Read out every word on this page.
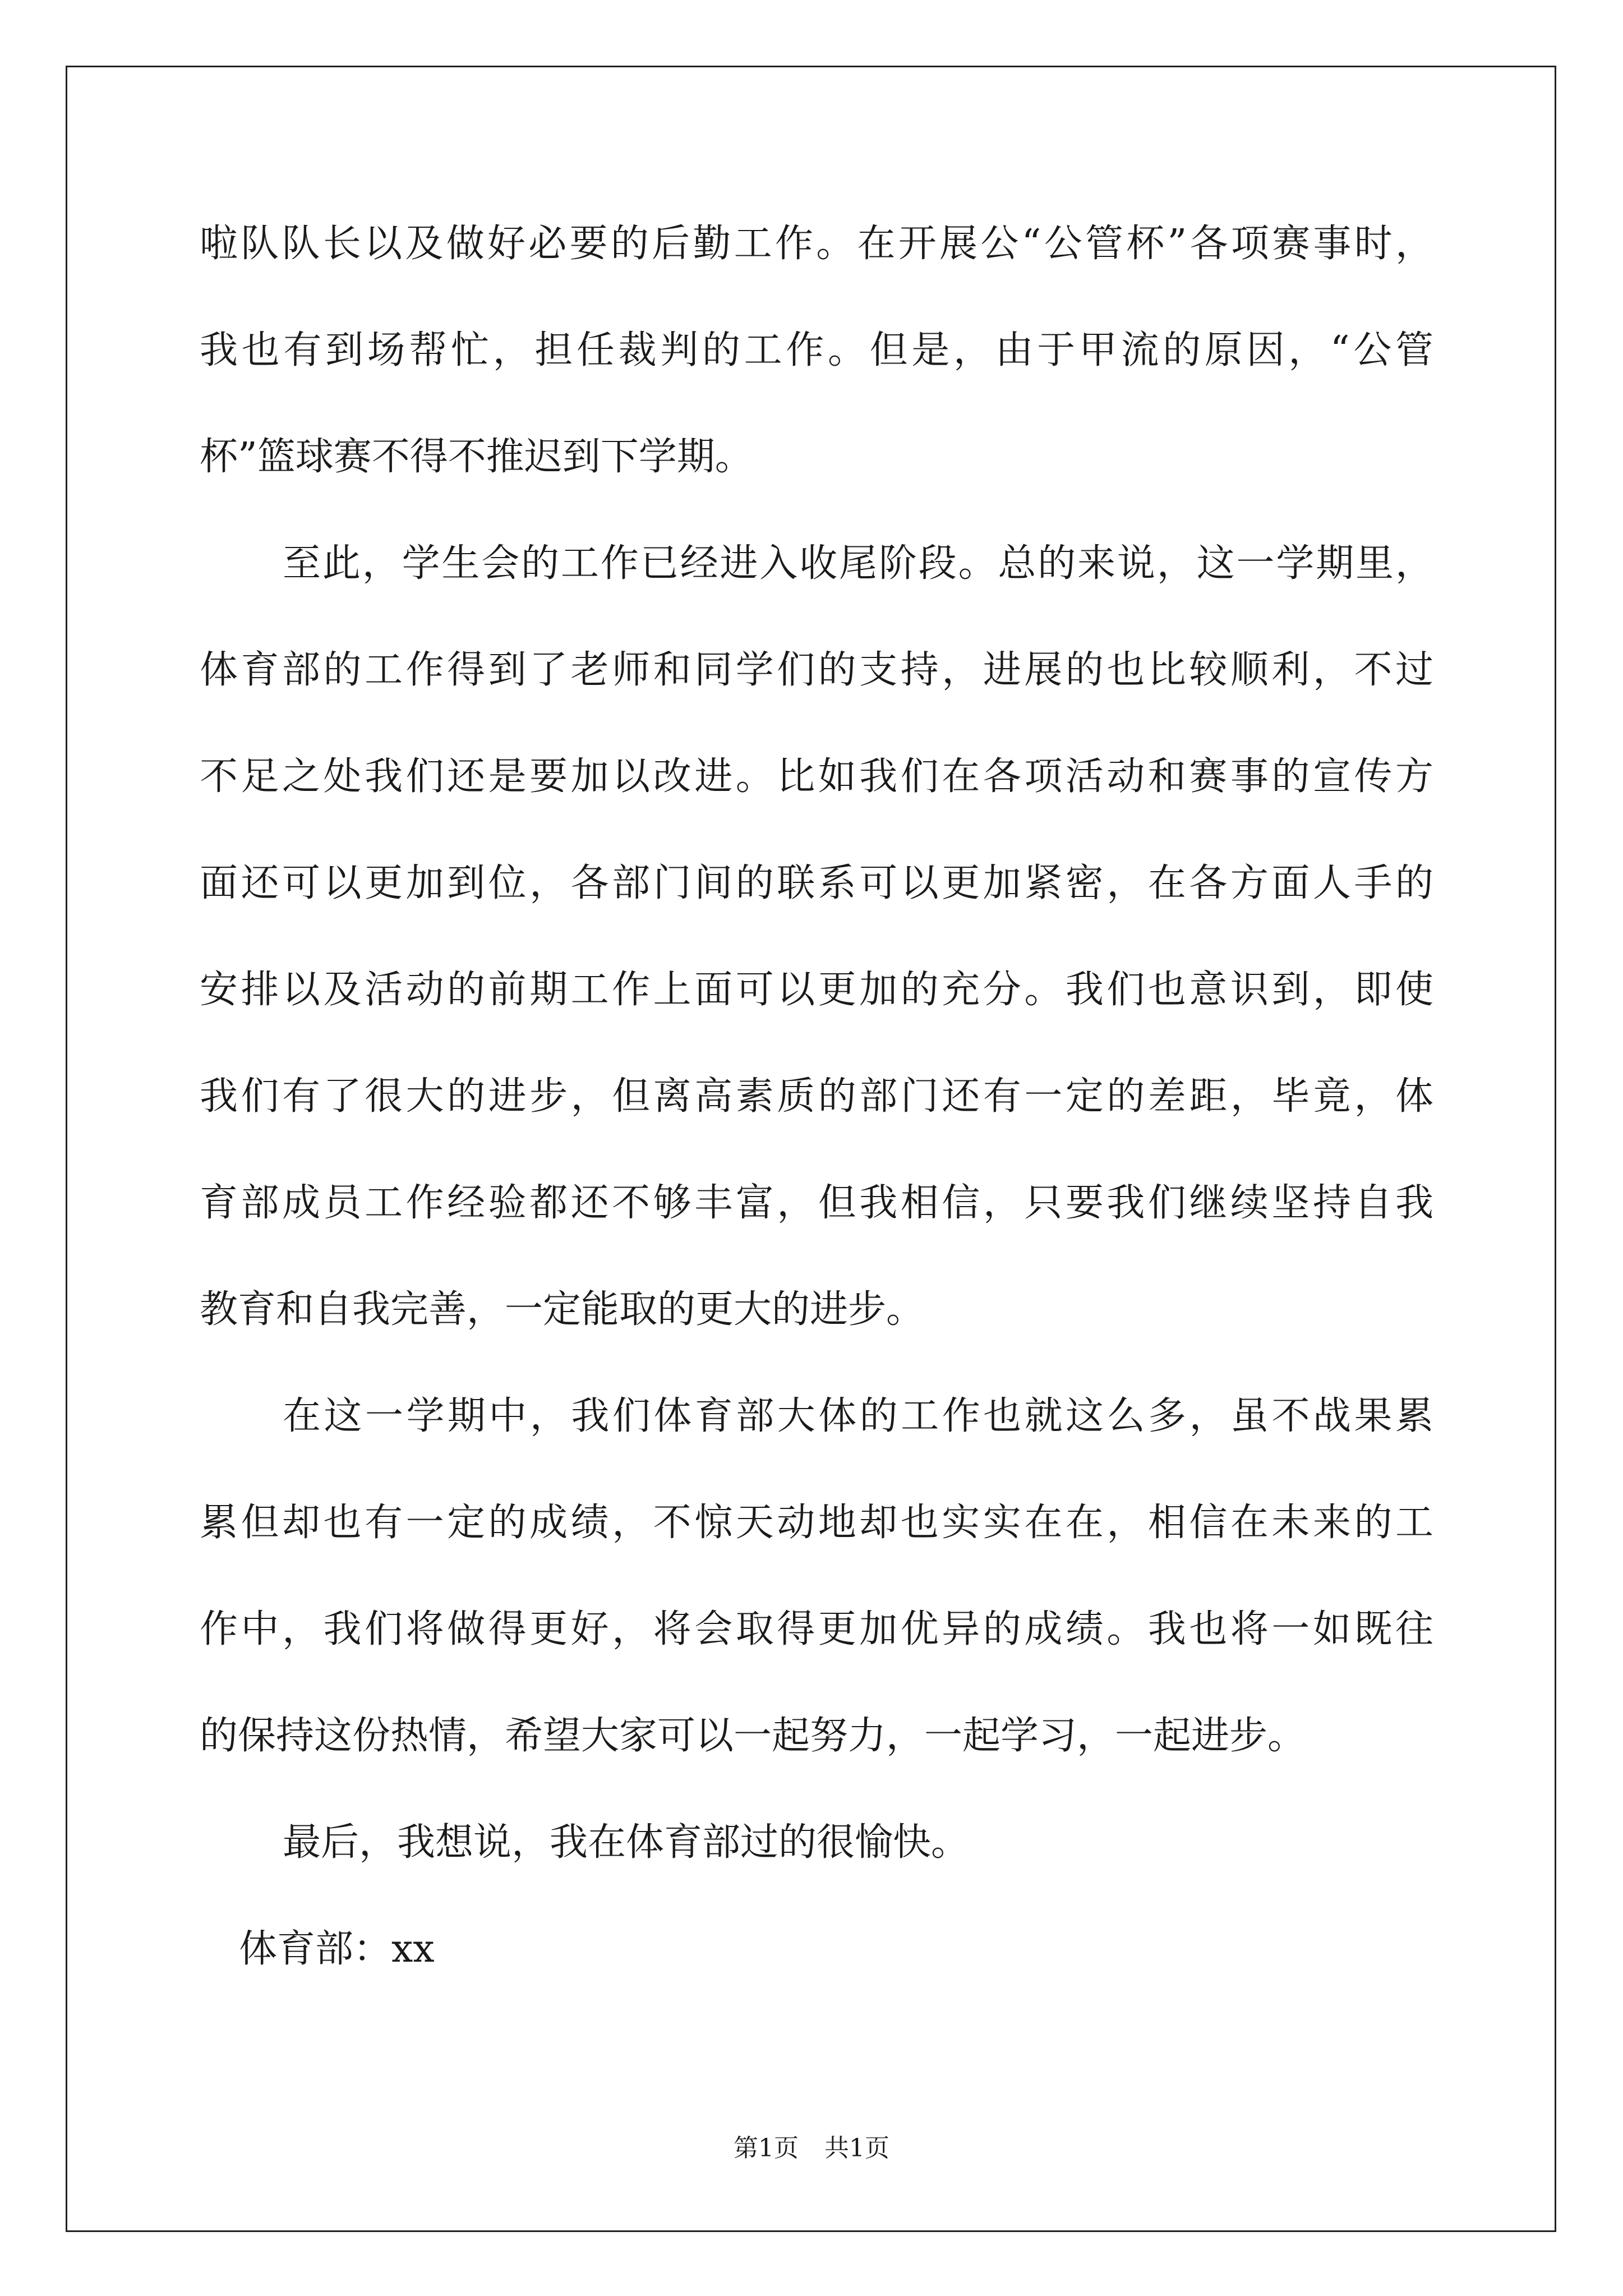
啦队队长以及做好必要的后勤工作。在开展公“公管杯”各项赛事时，
我也有到场帮忙，担任裁判的工作。但是，由于甲流的原因，“公管
杯”篮球赛不得不推迟到下学期。
至此，学生会的工作已经进入收尾阶段。总的来说，这一学期里，
体育部的工作得到了老师和同学们的支持，进展的也比较顺利，不过
不足之处我们还是要加以改进。比如我们在各项活动和赛事的宣传方
面还可以更加到位，各部门间的联系可以更加紧密，在各方面人手的
安排以及活动的前期工作上面可以更加的充分。我们也意识到，即使
我们有了很大的进步，但离高素质的部门还有一定的差距，毕竟，体
育部成员工作经验都还不够丰富，但我相信，只要我们继续坚持自我
教育和自我完善，一定能取的更大的进步。
在这一学期中，我们体育部大体的工作也就这么多，虽不战果累
累但却也有一定的成绩，不惊天动地却也实实在在，相信在未来的工
作中，我们将做得更好，将会取得更加优异的成绩。我也将一如既往
的保持这份热情，希望大家可以一起努力，一起学习，一起进步。
最后，我想说，我在体育部过的很愉快。
体育部：xx
第1页 共1页
